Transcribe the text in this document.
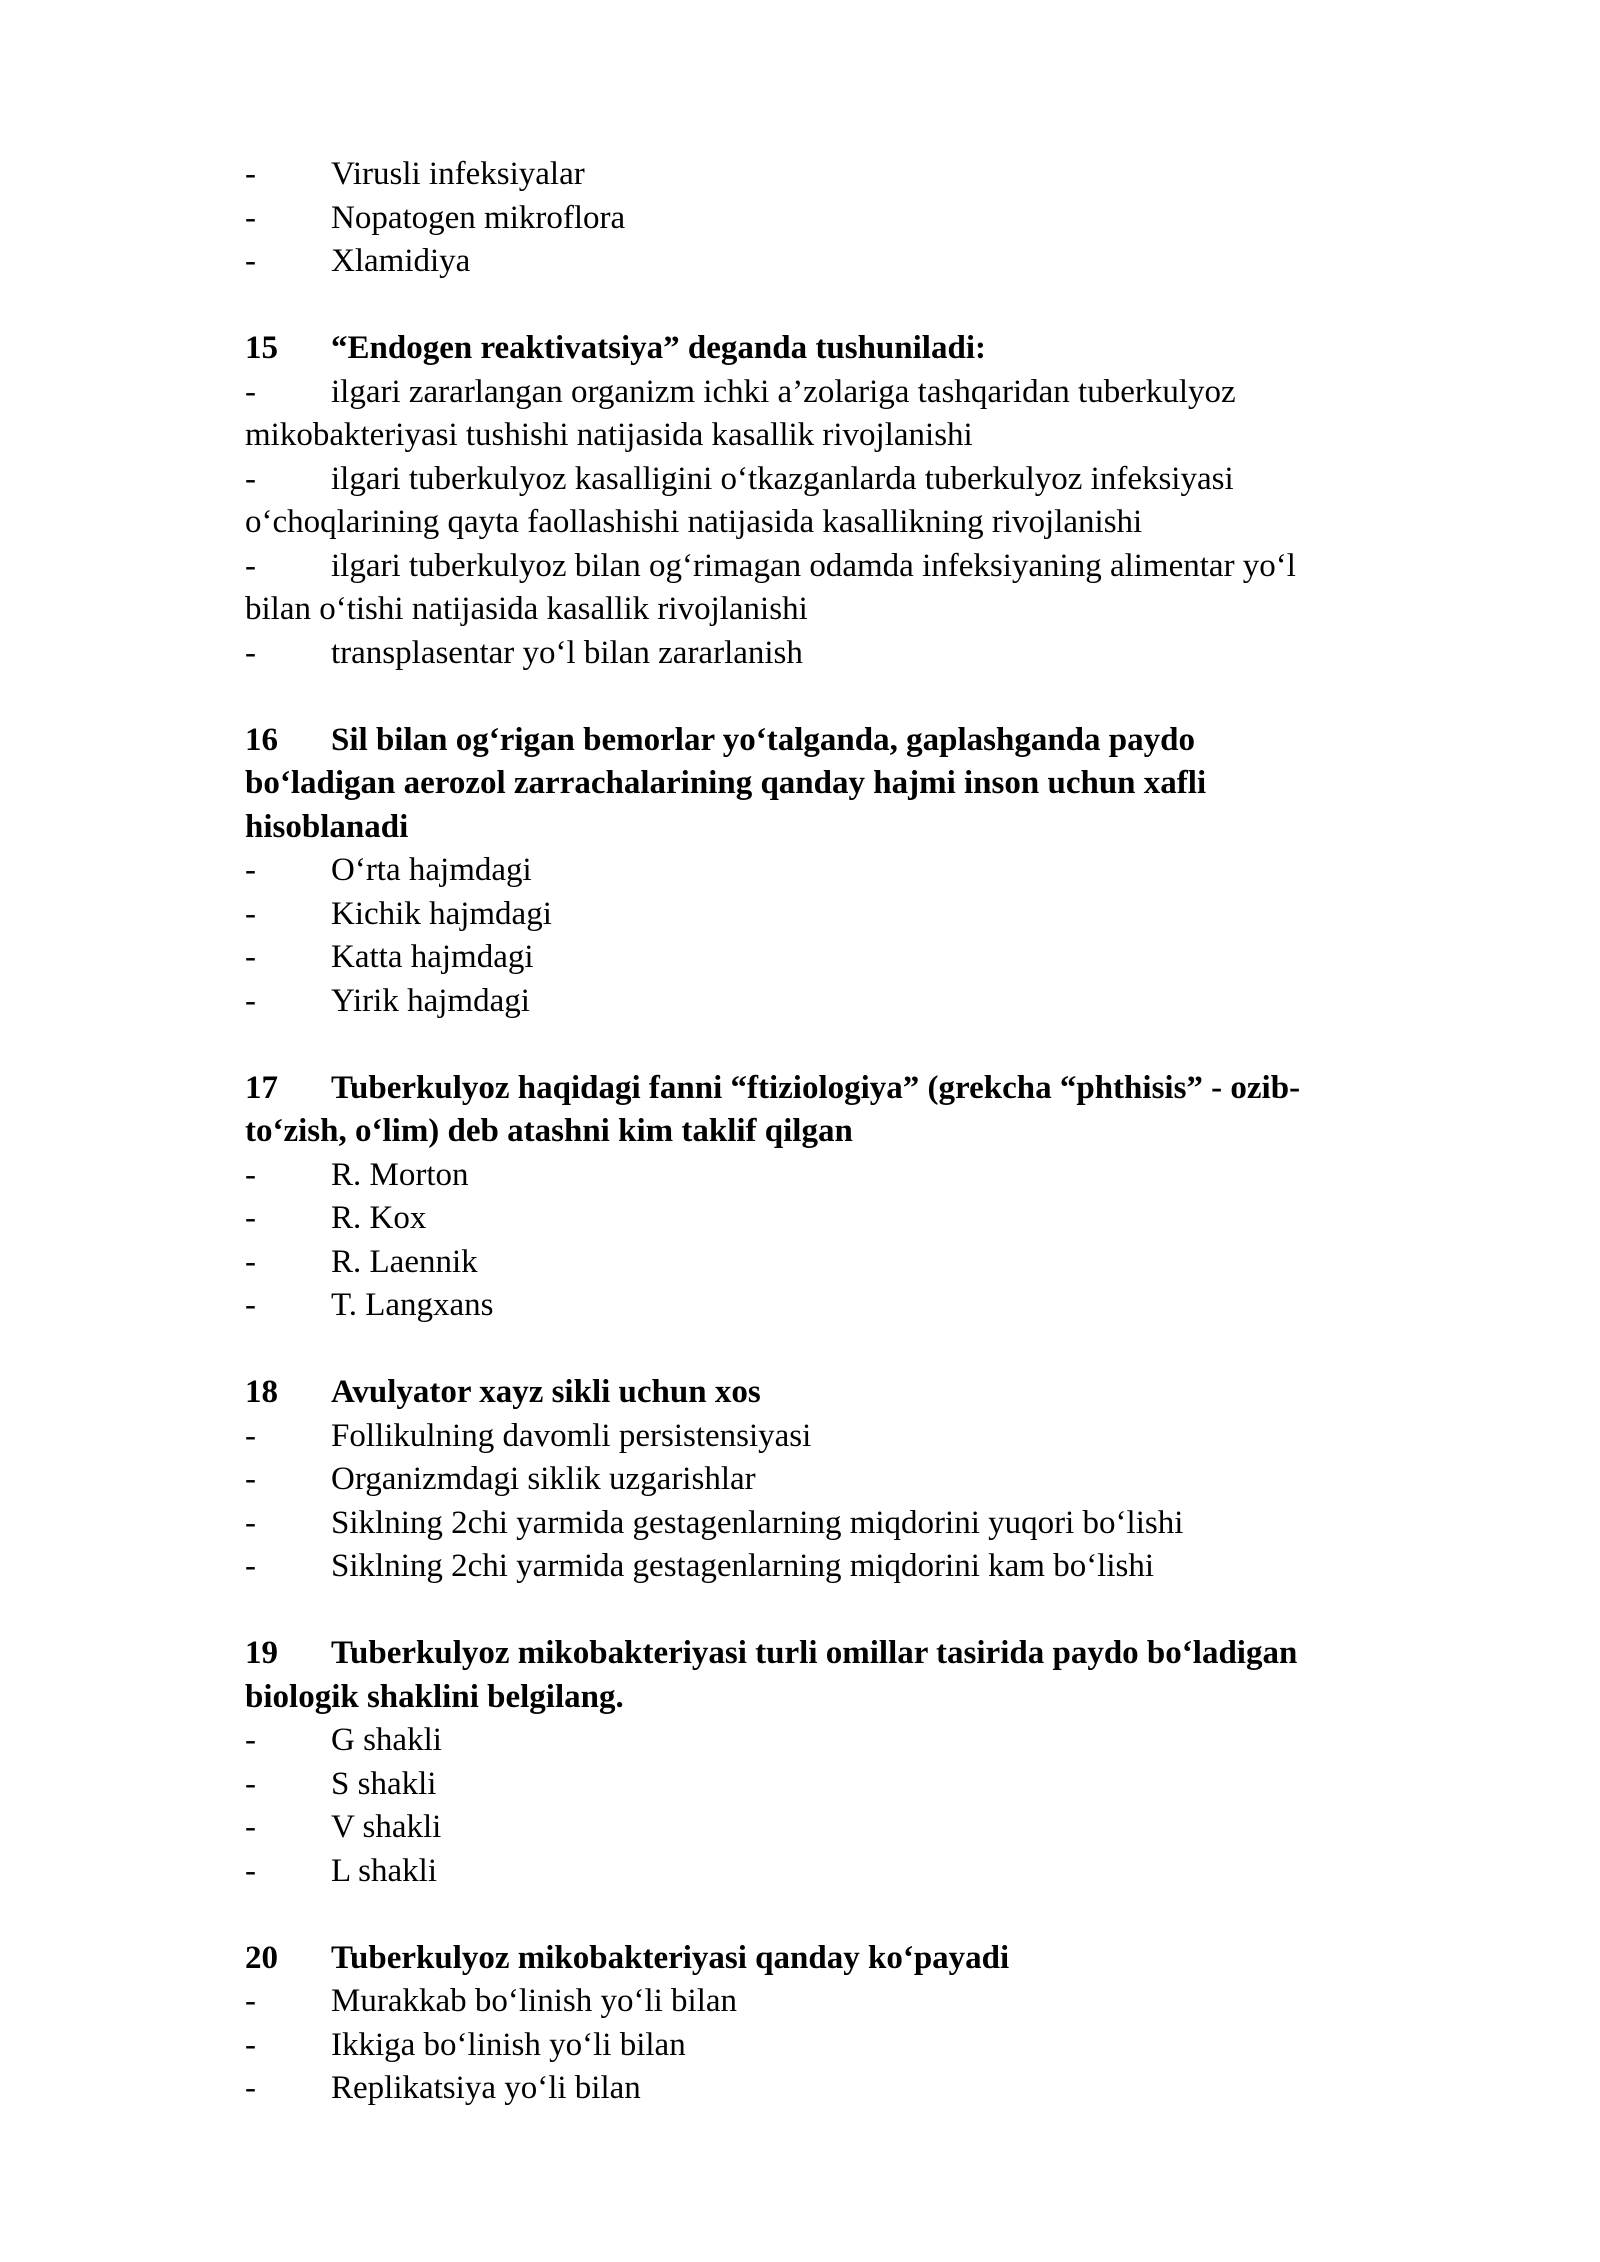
- Virusli infeksiyalar
- Nopatogen mikroflora
- Xlamidiya
15 “Endogen reaktivatsiya” deganda tushuniladi:
- ilgari zararlangan organizm ichki a’zolariga tashqaridan tuberkulyoz
mikobakteriyasi tushishi natijasida kasallik rivojlanishi
- ilgari tuberkulyoz kasalligini o‘tkazganlarda tuberkulyoz infeksiyasi
o‘choqlarining qayta faollashishi natijasida kasallikning rivojlanishi
- ilgari tuberkulyoz bilan og‘rimagan odamda infeksiyaning alimentar yo‘l
bilan o‘tishi natijasida kasallik rivojlanishi
- transplasentar yo‘l bilan zararlanish
16 Sil bilan og‘rigan bemorlar yo‘talganda, gaplashganda paydo
bo‘ladigan aerozol zarrachalarining qanday hajmi inson uchun xafli
hisoblanadi
- O‘rta hajmdagi
- Kichik hajmdagi
- Katta hajmdagi
- Yirik hajmdagi
17 Tuberkulyoz haqidagi fanni “ftiziologiya” (grekcha “phthisis” - ozib-
to‘zish, o‘lim) deb atashni kim taklif qilgan
- R. Morton
- R. Kox
- R. Laennik
- T. Langxans
18 Avulyator xayz sikli uchun xos
- Follikulning davomli persistensiyasi
- Organizmdagi siklik uzgarishlar
- Siklning 2chi yarmida gestagenlarning miqdorini yuqori bo‘lishi
- Siklning 2chi yarmida gestagenlarning miqdorini kam bo‘lishi
19 Tuberkulyoz mikobakteriyasi turli omillar tasirida paydo bo‘ladigan
biologik shaklini belgilang.
- G shakli
- S shakli
- V shakli
- L shakli
20 Tuberkulyoz mikobakteriyasi qanday ko‘payadi
- Murakkab bo‘linish yo‘li bilan
- Ikkiga bo‘linish yo‘li bilan
- Replikatsiya yo‘li bilan
